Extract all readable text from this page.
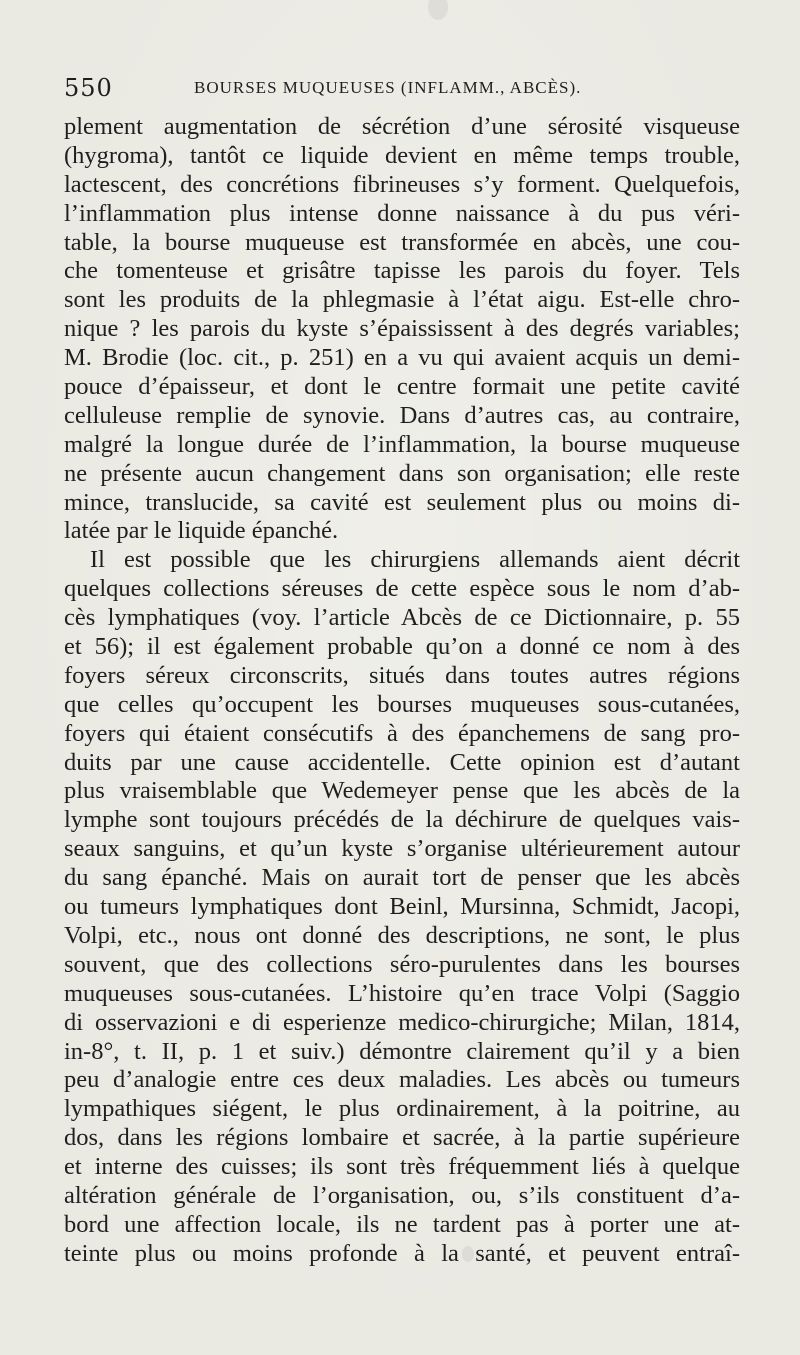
550	BOURSES MUQUEUSES (INFLAMM., ABCÈS).
plement augmentation de sécrétion d’une sérosité visqueuse
(hygroma), tantôt ce liquide devient en même temps trouble,
lactescent, des concrétions fibrineuses s’y forment. Quelquefois,
l’inflammation plus intense donne naissance à du pus véri-
table, la bourse muqueuse est transformée en abcès, une cou-
che tomenteuse et grisâtre tapisse les parois du foyer. Tels
sont les produits de la phlegmasie à l’état aigu. Est-elle chro-
nique ? les parois du kyste s’épaississent à des degrés variables;
M. Brodie (loc. cit., p. 251) en a vu qui avaient acquis un demi-
pouce d’épaisseur, et dont le centre formait une petite cavité
celluleuse remplie de synovie. Dans d’autres cas, au contraire,
malgré la longue durée de l’inflammation, la bourse muqueuse
ne présente aucun changement dans son organisation; elle reste
mince, translucide, sa cavité est seulement plus ou moins di-
latée par le liquide épanché.
Il est possible que les chirurgiens allemands aient décrit
quelques collections séreuses de cette espèce sous le nom d’ab-
cès lymphatiques (voy. l’article Abcès de ce Dictionnaire, p. 55
et 56); il est également probable qu’on a donné ce nom à des
foyers séreux circonscrits, situés dans toutes autres régions
que celles qu’occupent les bourses muqueuses sous-cutanées,
foyers qui étaient consécutifs à des épanchemens de sang pro-
duits par une cause accidentelle. Cette opinion est d’autant
plus vraisemblable que Wedemeyer pense que les abcès de la
lymphe sont toujours précédés de la déchirure de quelques vais-
seaux sanguins, et qu’un kyste s’organise ultérieurement autour
du sang épanché. Mais on aurait tort de penser que les abcès
ou tumeurs lymphatiques dont Beinl, Mursinna, Schmidt, Jacopi,
Volpi, etc., nous ont donné des descriptions, ne sont, le plus
souvent, que des collections séro-purulentes dans les bourses
muqueuses sous-cutanées. L’histoire qu’en trace Volpi (Saggio
di osservazioni e di esperienze medico-chirurgiche; Milan, 1814,
in-8°, t. II, p. 1 et suiv.) démontre clairement qu’il y a bien
peu d’analogie entre ces deux maladies. Les abcès ou tumeurs
lympathiques siégent, le plus ordinairement, à la poitrine, au
dos, dans les régions lombaire et sacrée, à la partie supérieure
et interne des cuisses; ils sont très fréquemment liés à quelque
altération générale de l’organisation, ou, s’ils constituent d’a-
bord une affection locale, ils ne tardent pas à porter une at-
teinte plus ou moins profonde à la santé, et peuvent entraî-
